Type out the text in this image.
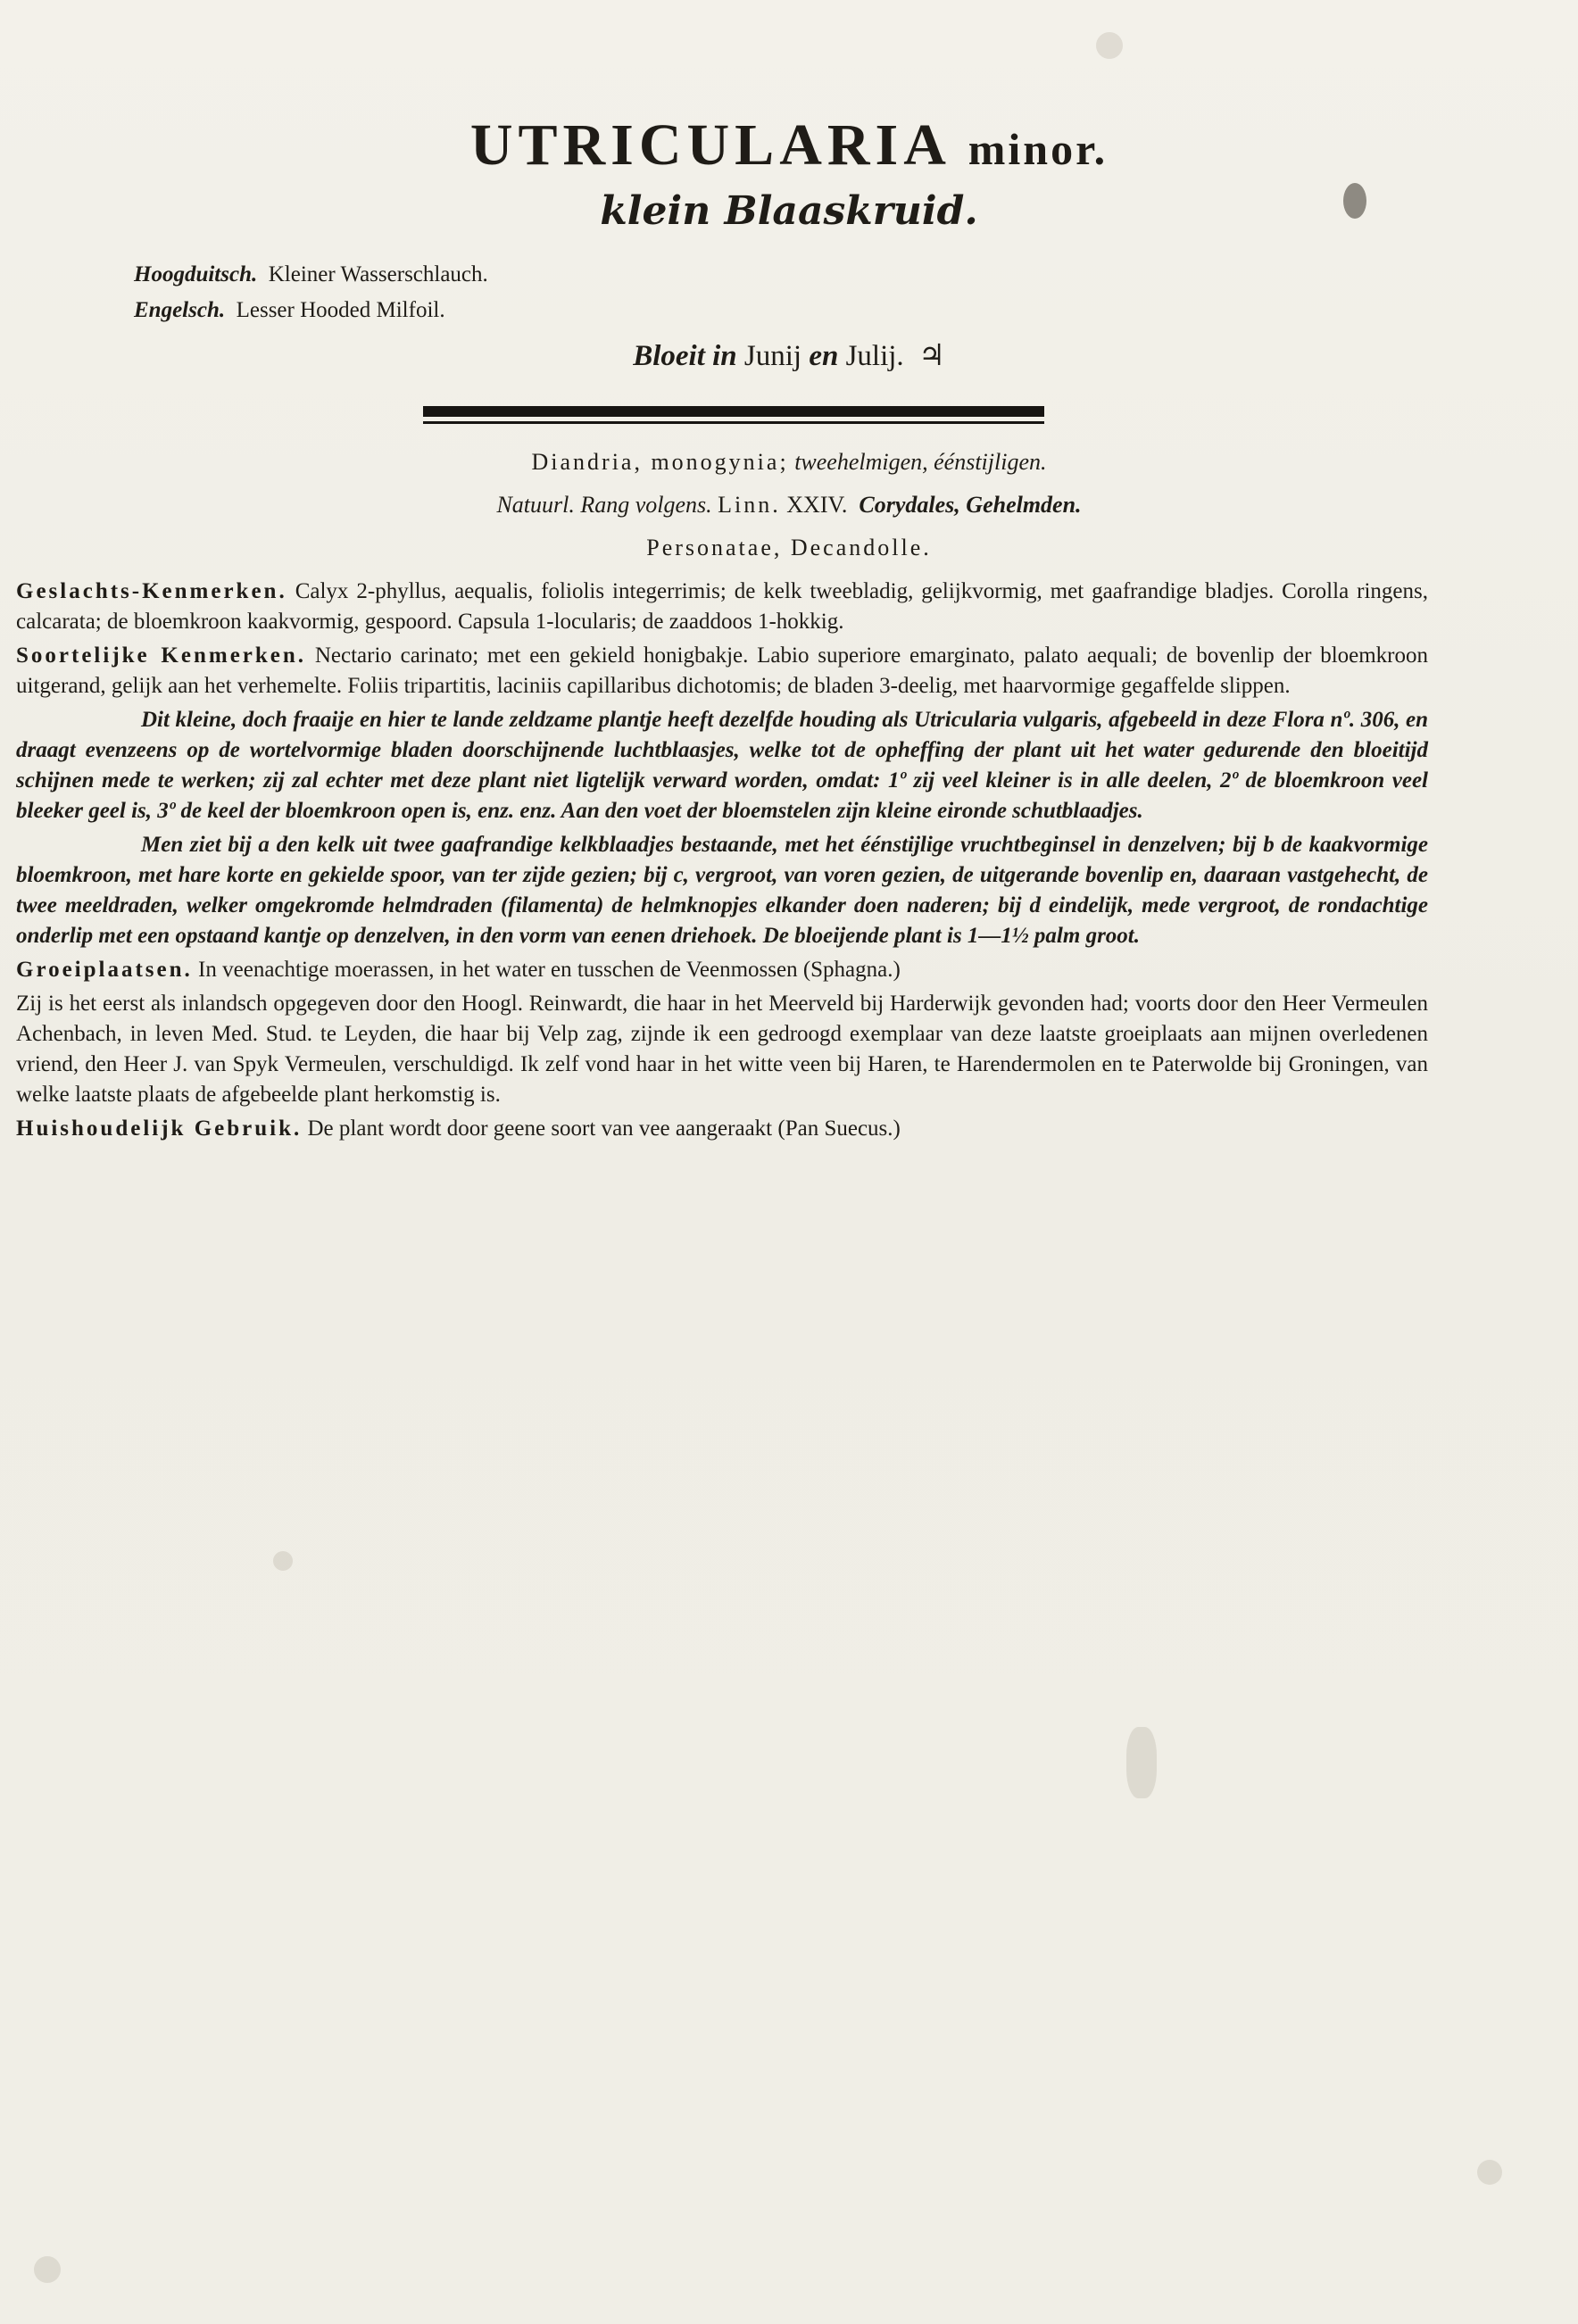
UTRICULARIA minor.
klein Blaaskruid.
Hoogduitsch. Kleiner Wasserschlauch.
Engelsch. Lesser Hooded Milfoil.
Bloeit in Junij en Julij. ♃
Diandria, monogynia; tweehelmigen, éénstijligen.
Natuurl. Rang volgens. Linn. XXIV. Corydales, Gehelmden.
Personatae, Decandolle.

Geslachts-Kenmerken. Calyx 2-phyllus, aequalis, foliolis integerrimis; de kelk tweebladig, gelijkvormig, met gaafrandige bladjes. Corolla ringens, calcarata; de bloemkroon kaakvormig, gespoord. Capsula 1-locularis; de zaaddoos 1-hokkig.

Soortelijke Kenmerken. Nectario carinato; met een gekield honigbakje. Labio superiore emarginato, palato aequali; de bovenlip der bloemkroon uitgerand, gelijk aan het verhemelte. Foliis tripartitis, laciniis capillaribus dichotomis; de bladen 3-deelig, met haarvormige gegaffelde slippen.

Dit kleine, doch fraaije en hier te lande zeldzame plantje heeft dezelfde houding als Utricularia vulgaris, afgebeeld in deze Flora nº. 306, en draagt evenzeens op de wortelvormige bladen doorschijnende luchtblaasjes, welke tot de opheffing der plant uit het water gedurende den bloeitijd schijnen mede te werken; zij zal echter met deze plant niet ligtelijk verward worden, omdat: 1º zij veel kleiner is in alle deelen, 2º de bloemkroon veel bleeker geel is, 3º de keel der bloemkroon open is, enz. enz. Aan den voet der bloemstelen zijn kleine eironde schutblaadjes.

Men ziet bij a den kelk uit twee gaafrandige kelkblaadjes bestaande, met het éénstijlige vruchtbeginsel in denzelven; bij b de kaakvormige bloemkroon, met hare korte en gekielde spoor, van ter zijde gezien; bij c, vergroot, van voren gezien, de uitgerande bovenlip en, daaraan vastgehecht, de twee meeldraden, welker omgekromde helmdraden (filamenta) de helmknopjes elkander doen naderen; bij d eindelijk, mede vergroot, de rondachtige onderlip met een opstaand kantje op denzelven, in den vorm van eenen driehoek. De bloeijende plant is 1—1½ palm groot.

Groeiplaatsen. In veenachtige moerassen, in het water en tusschen de Veenmossen (Sphagna.)

Zij is het eerst als inlandsch opgegeven door den Hoogl. Reinwardt, die haar in het Meerveld bij Harderwijk gevonden had; voorts door den Heer Vermeulen Achenbach, in leven Med. Stud. te Leyden, die haar bij Velp zag, zijnde ik een gedroogd exemplaar van deze laatste groeiplaats aan mijnen overledenen vriend, den Heer J. van Spyk Vermeulen, verschuldigd. Ik zelf vond haar in het witte veen bij Haren, te Harendermolen en te Paterwolde bij Groningen, van welke laatste plaats de afgebeelde plant herkomstig is.

Huishoudelijk Gebruik. De plant wordt door geene soort van vee aangeraakt (Pan Suecus.)
